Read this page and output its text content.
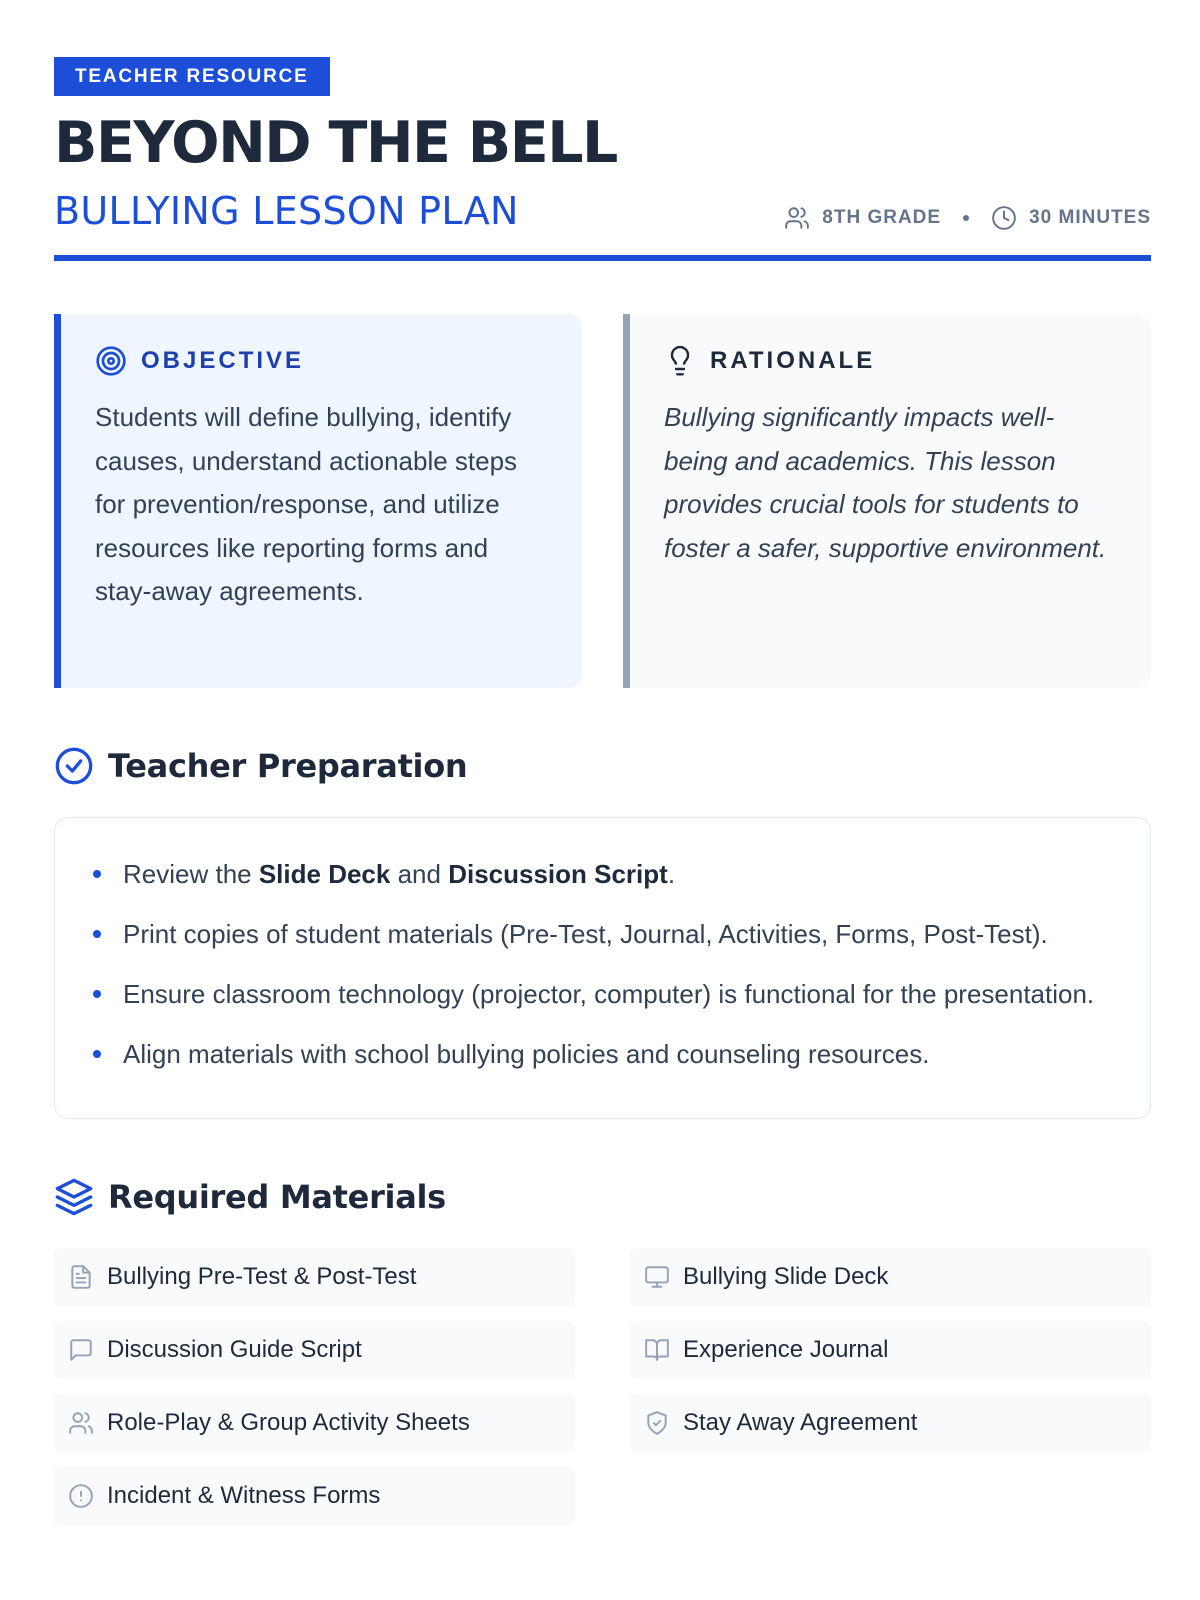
TEACHER RESOURCE
BEYOND THE BELL
BULLYING LESSON PLAN	8TH GRADE	30 MINUTES
OBJECTIVE

Students will define bullying, identify causes, understand actionable steps for prevention/response, and utilize resources like reporting forms and stay-away agreements.

RATIONALE

Bullying significantly impacts well-being and academics. This lesson provides crucial tools for students to foster a safer, supportive environment.

Teacher Preparation
Review the Slide Deck and Discussion Script.
Print copies of student materials (Pre-Test, Journal, Activities, Forms, Post-Test).
Ensure classroom technology (projector, computer) is functional for the presentation.
Align materials with school bullying policies and counseling resources.
Required Materials
Bullying Pre-Test & Post-Test	Bullying Slide Deck
Discussion Guide Script	Experience Journal
Role-Play & Group Activity Sheets	Stay Away Agreement
Incident & Witness Forms
